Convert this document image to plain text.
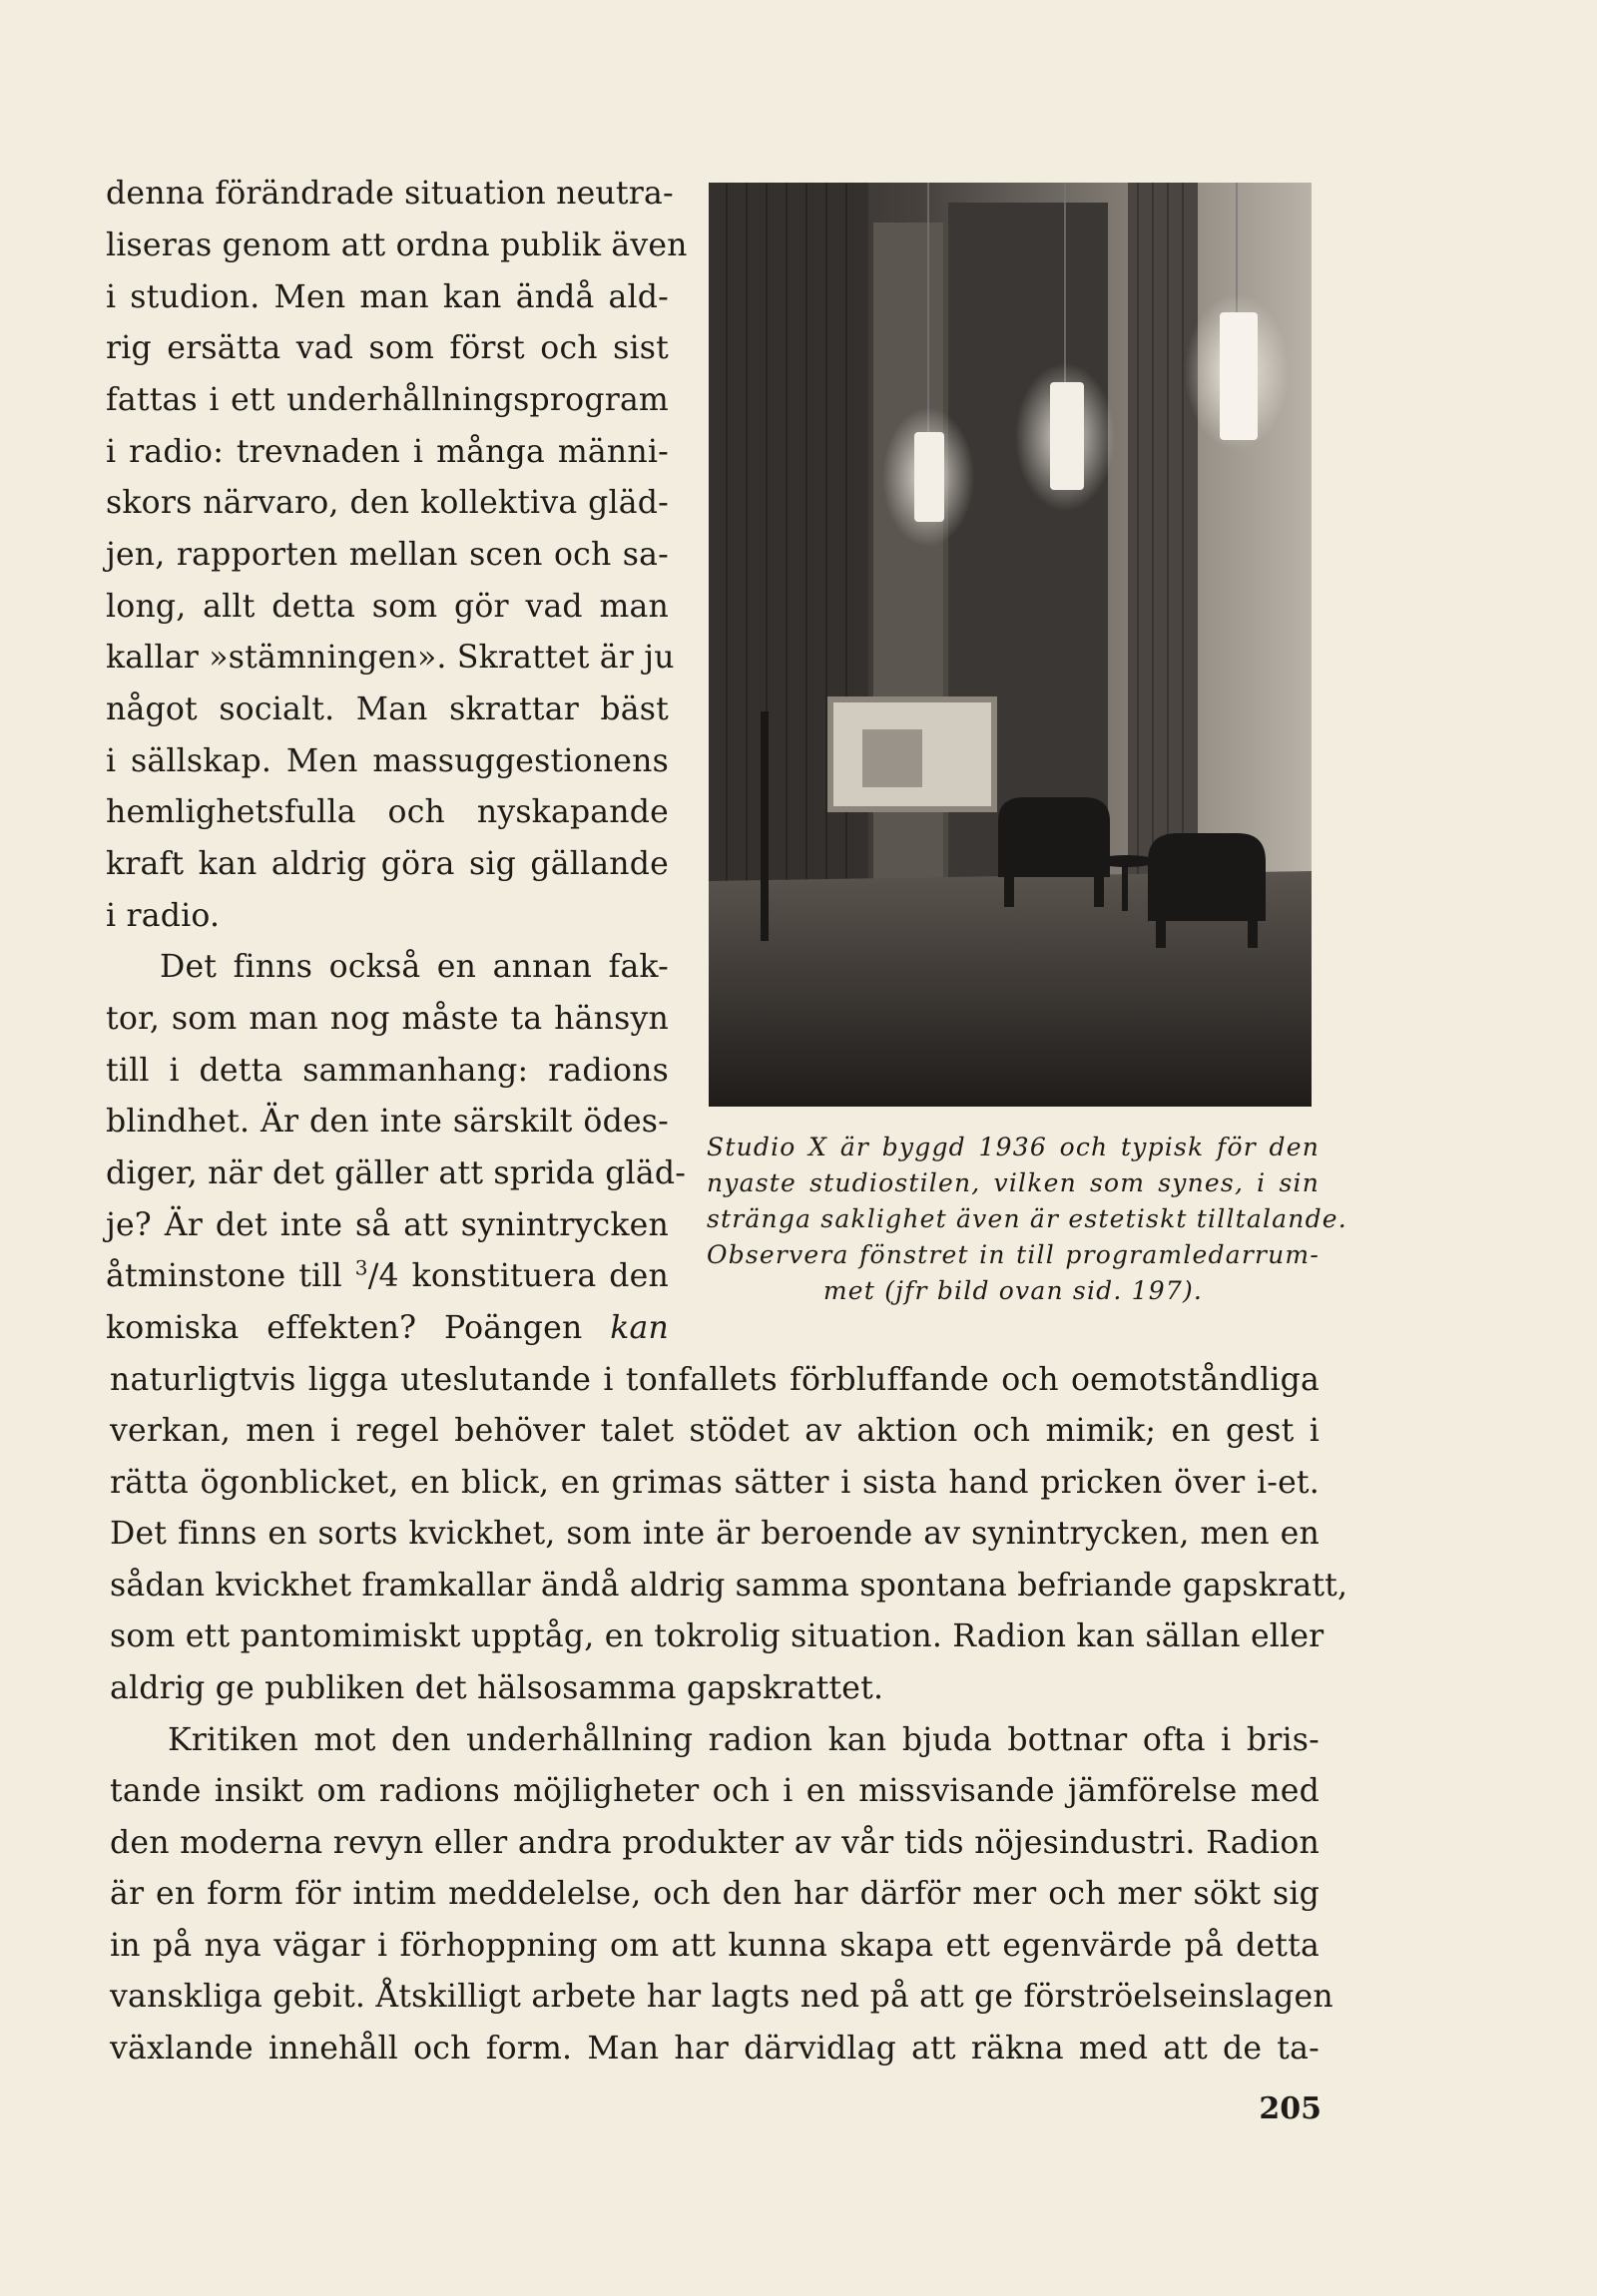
denna förändrade situation neutra-
liseras genom att ordna publik även
i studion. Men man kan ändå ald-
rig ersätta vad som först och sist
fattas i ett underhållningsprogram
i radio: trevnaden i många männi-
skors närvaro, den kollektiva gläd-
jen, rapporten mellan scen och sa-
long, allt detta som gör vad man
kallar »stämningen». Skrattet är ju
något socialt. Man skrattar bäst
i sällskap. Men massuggestionens
hemlighetsfulla och nyskapande
kraft kan aldrig göra sig gällande
i radio.
Det finns också en annan fak-
tor, som man nog måste ta hänsyn
till i detta sammanhang: radions
blindhet. Är den inte särskilt ödes-
diger, när det gäller att sprida gläd-
je? Är det inte så att synintrycken
åtminstone till $^3$/4 konstituera den
komiska effekten? Poängen kan
Studio X är byggd 1936 och typisk för den
nyaste studiostilen, vilken som synes, i sin
stränga saklighet även är estetiskt tilltalande.
Observera fönstret in till programledarrum-
met (jfr bild ovan sid. 197).
naturligtvis ligga uteslutande i tonfallets förbluffande och oemotståndliga
verkan, men i regel behöver talet stödet av aktion och mimik; en gest i
rätta ögonblicket, en blick, en grimas sätter i sista hand pricken över i-et.
Det finns en sorts kvickhet, som inte är beroende av synintrycken, men en
sådan kvickhet framkallar ändå aldrig samma spontana befriande gapskratt,
som ett pantomimiskt upptåg, en tokrolig situation. Radion kan sällan eller
aldrig ge publiken det hälsosamma gapskrattet.
Kritiken mot den underhållning radion kan bjuda bottnar ofta i bris-
tande insikt om radions möjligheter och i en missvisande jämförelse med
den moderna revyn eller andra produkter av vår tids nöjesindustri. Radion
är en form för intim meddelelse, och den har därför mer och mer sökt sig
in på nya vägar i förhoppning om att kunna skapa ett egenvärde på detta
vanskliga gebit. Åtskilligt arbete har lagts ned på att ge förströelseinslagen
växlande innehåll och form. Man har därvidlag att räkna med att de ta-
205
